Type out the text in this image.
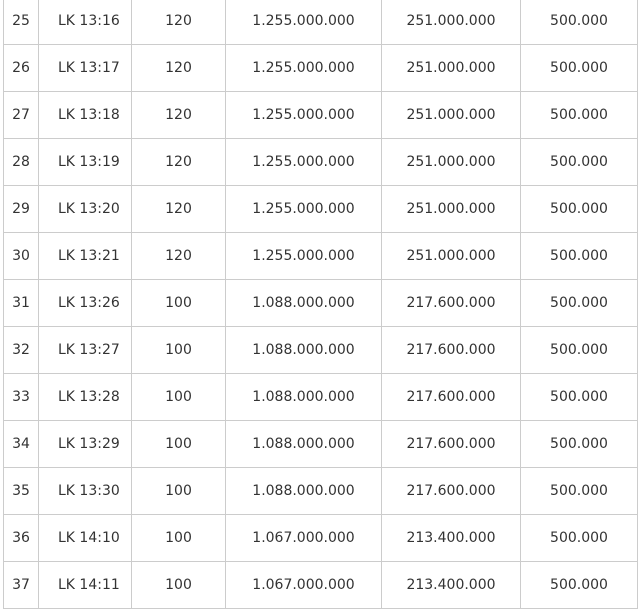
25	LK 13:16	120	1.255.000.000	251.000.000	500.000
26	LK 13:17	120	1.255.000.000	251.000.000	500.000
27	LK 13:18	120	1.255.000.000	251.000.000	500.000
28	LK 13:19	120	1.255.000.000	251.000.000	500.000
29	LK 13:20	120	1.255.000.000	251.000.000	500.000
30	LK 13:21	120	1.255.000.000	251.000.000	500.000
31	LK 13:26	100	1.088.000.000	217.600.000	500.000
32	LK 13:27	100	1.088.000.000	217.600.000	500.000
33	LK 13:28	100	1.088.000.000	217.600.000	500.000
34	LK 13:29	100	1.088.000.000	217.600.000	500.000
35	LK 13:30	100	1.088.000.000	217.600.000	500.000
36	LK 14:10	100	1.067.000.000	213.400.000	500.000
37	LK 14:11	100	1.067.000.000	213.400.000	500.000
